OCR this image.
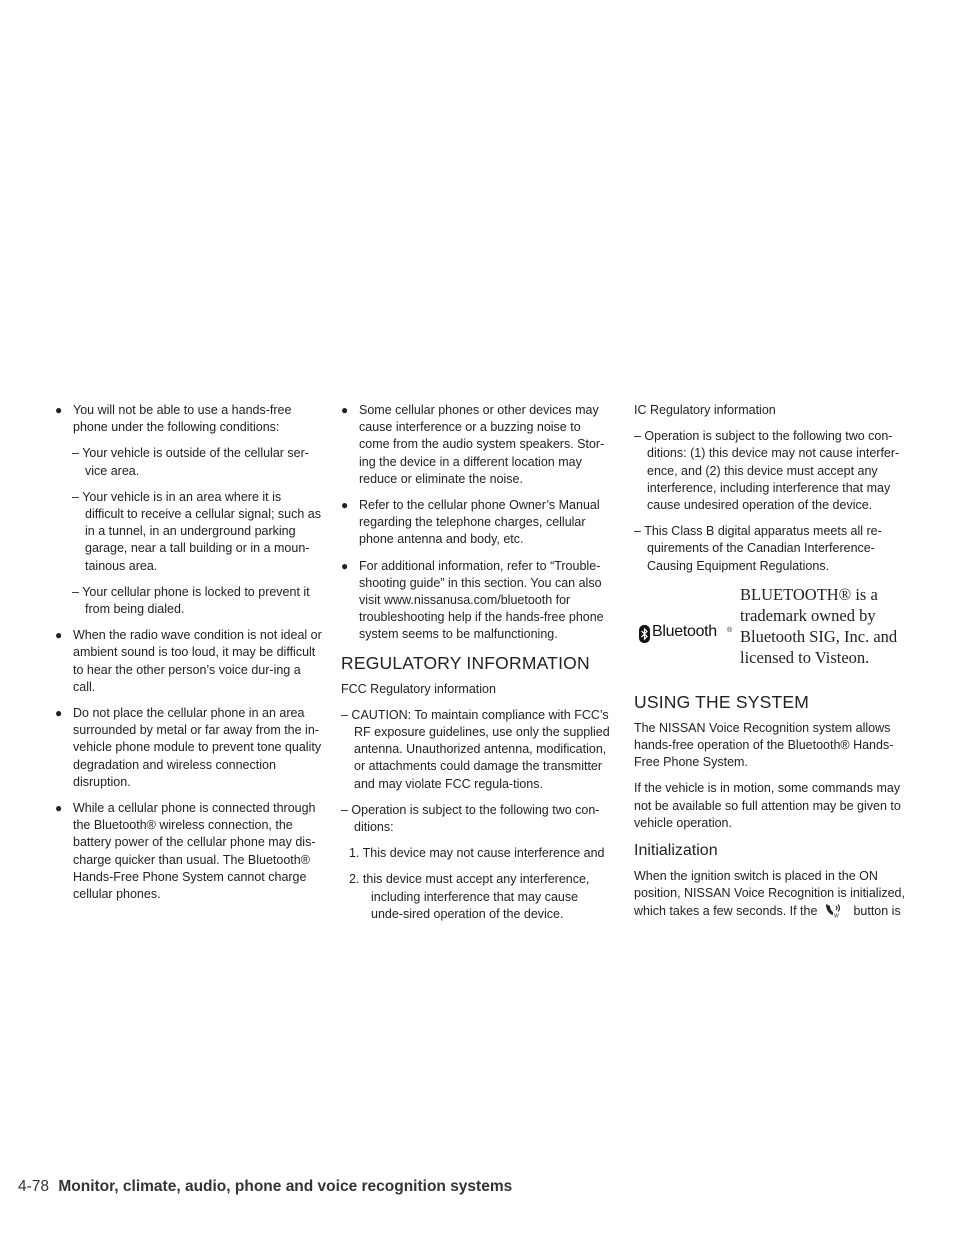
● You will not be able to use a hands-free phone under the following conditions:
– Your vehicle is outside of the cellular ser-vice area.
– Your vehicle is in an area where it is difficult to receive a cellular signal; such as in a tunnel, in an underground parking garage, near a tall building or in a moun-tainous area.
– Your cellular phone is locked to prevent it from being dialed.
● When the radio wave condition is not ideal or ambient sound is too loud, it may be difficult to hear the other person’s voice dur-ing a call.
● Do not place the cellular phone in an area surrounded by metal or far away from the in-vehicle phone module to prevent tone quality degradation and wireless connection disruption.
● While a cellular phone is connected through the Bluetooth® wireless connection, the battery power of the cellular phone may dis-charge quicker than usual. The Bluetooth® Hands-Free Phone System cannot charge cellular phones.
● Some cellular phones or other devices may cause interference or a buzzing noise to come from the audio system speakers. Stor-ing the device in a different location may reduce or eliminate the noise.
● Refer to the cellular phone Owner’s Manual regarding the telephone charges, cellular phone antenna and body, etc.
● For additional information, refer to “Trouble-shooting guide” in this section. You can also visit www.nissanusa.com/bluetooth for troubleshooting help if the hands-free phone system seems to be malfunctioning.
REGULATORY INFORMATION
FCC Regulatory information
– CAUTION: To maintain compliance with FCC’s RF exposure guidelines, use only the supplied antenna. Unauthorized antenna, modification, or attachments could damage the transmitter and may violate FCC regula-tions.
– Operation is subject to the following two con-ditions:
1. This device may not cause interference and
2. this device must accept any interference, including interference that may cause unde-sired operation of the device.
IC Regulatory information
– Operation is subject to the following two con-ditions: (1) this device may not cause interfer-ence, and (2) this device must accept any interference, including interference that may cause undesired operation of the device.
– This Class B digital apparatus meets all re-quirements of the Canadian Interference-Causing Equipment Regulations.
Bluetooth ®
BLUETOOTH® is a trademark owned by Bluetooth SIG, Inc. and licensed to Visteon.
USING THE SYSTEM
The NISSAN Voice Recognition system allows hands-free operation of the Bluetooth® Hands-Free Phone System.
If the vehicle is in motion, some commands may not be available so full attention may be given to vehicle operation.
Initialization
When the ignition switch is placed in the ON position, NISSAN Voice Recognition is initialized, which takes a few seconds. If the	W button is
4-78 Monitor, climate, audio, phone and voice recognition systems
